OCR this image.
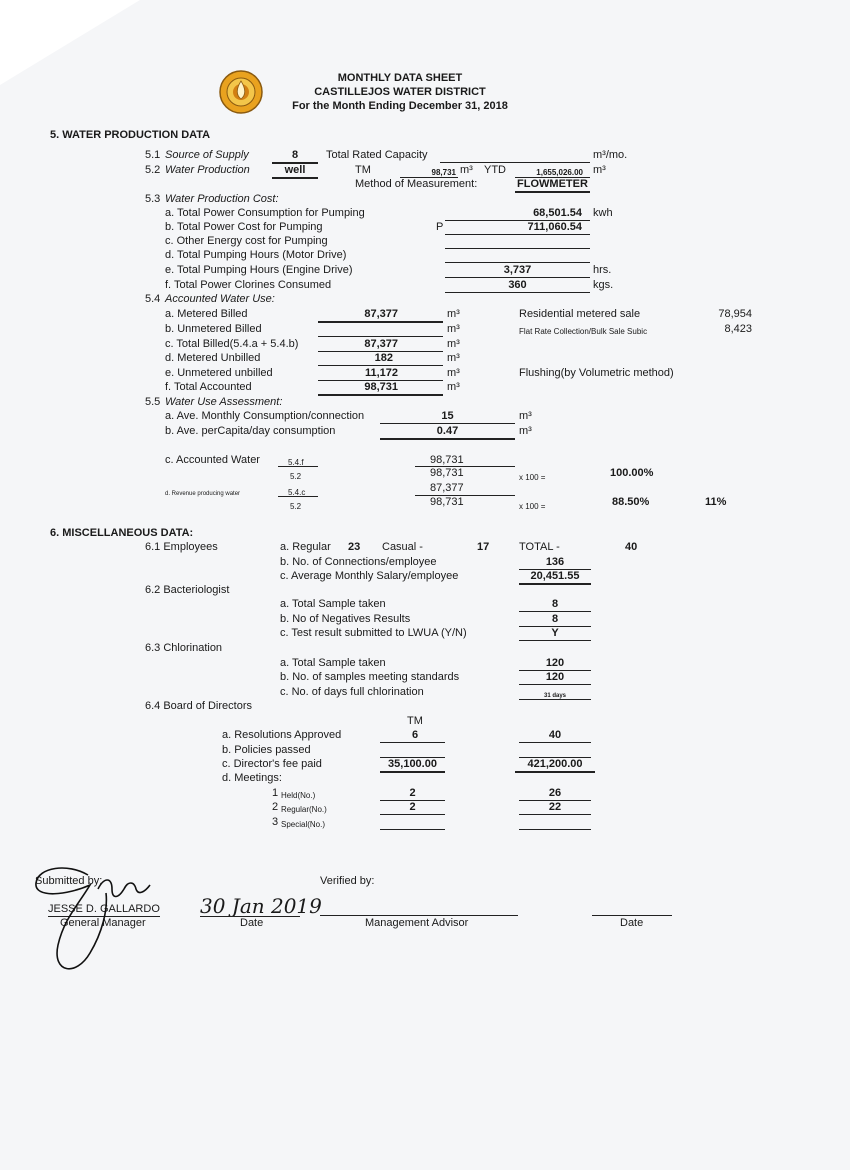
MONTHLY DATA SHEET
CASTILLEJOS WATER DISTRICT
For the Month Ending December 31, 2018
5. WATER PRODUCTION DATA
5.1 Source of Supply	8	Total Rated Capacity	m³/mo.
5.2 Water Production	well	TM	98,731 m³ YTD	1,655,026.00 m³
Method of Measurement:	FLOWMETER
5.3 Water Production Cost:
a. Total Power Consumption for Pumping	68,501.54 kwh
b. Total Power Cost for Pumping	P	711,060.54
c. Other Energy cost for Pumping
d. Total Pumping Hours (Motor Drive)
e. Total Pumping Hours (Engine Drive)	3,737	hrs.
f. Total Power Clorines Consumed	360	kgs.
5.4 Accounted Water Use:
a. Metered Billed	87,377	m³
b. Unmetered Billed	m³
c. Total Billed(5.4.a + 5.4.b)	87,377	m³
d. Metered Unbilled	182	m³
e. Unmetered unbilled	11,172	m³
f. Total Accounted	98,731	m³
Residential metered sale	78,954
Flat Rate Collection/Bulk Sale Subic	8,423
Flushing(by Volumetric method)
5.5 Water Use Assessment:
a. Ave. Monthly Consumption/connection	15	m³
b. Ave. perCapita/day consumption	0.47	m³
c. Accounted Water	5.4.f
5.2
98,731
98,731	x 100 =	100.00%
d. Revenue producing water	5.4.c
5.2
87,377
98,731	x 100 =	88.50%	11%
6. MISCELLANEOUS DATA:
6.1 Employees	a. Regular 23 Casual -	17	TOTAL -	40
b. No. of Connections/employee	136
c. Average Monthly Salary/employee	20,451.55
6.2 Bacteriologist
a. Total Sample taken	8
b. No of Negatives Results	8
c. Test result submitted to LWUA (Y/N)	Y
6.3 Chlorination
a. Total Sample taken	120
b. No. of samples meeting standards	120
c. No. of days full chlorination	31 days
6.4 Board of Directors
TM
a. Resolutions Approved	6	40
b. Policies passed
c. Director's fee paid	35,100.00	421,200.00
d. Meetings:
1 Held(No.)	2	26
2 Regular(No.)	2	22
3 Special(No.)
Submitted by:
JESSE D. GALLARDO
General Manager
30 Jan 2019
Date
Verified by:
Management Advisor	Date
